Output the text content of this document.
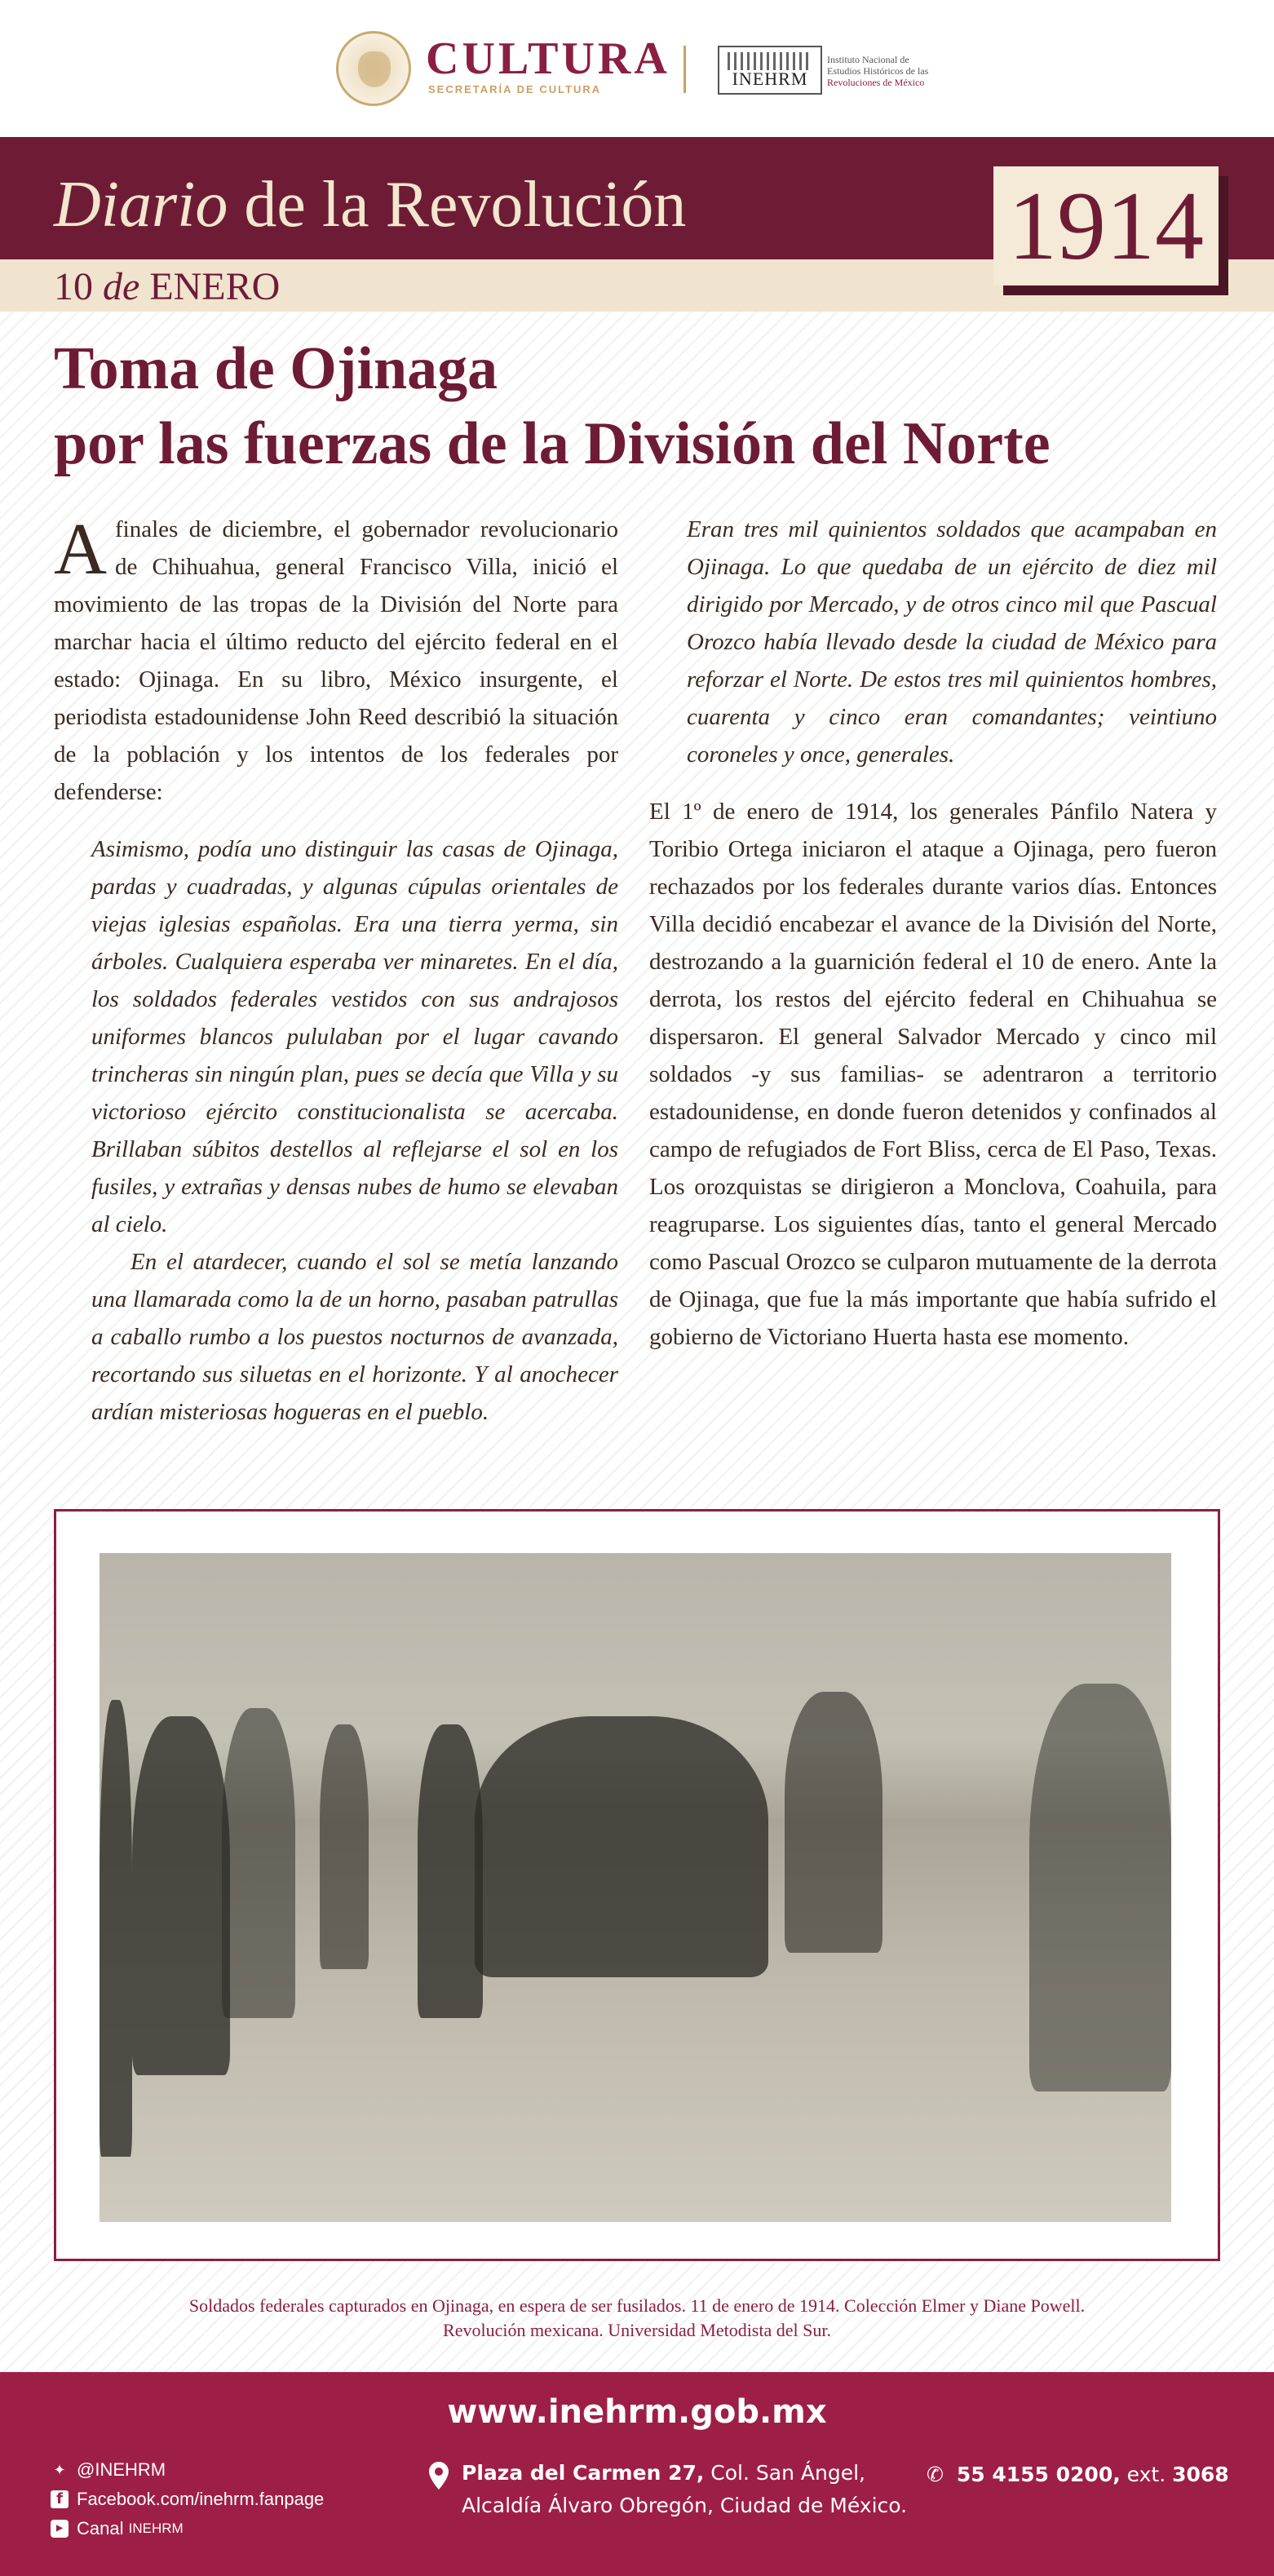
CULTURA
SECRETARÍA DE CULTURA
INEHRM
Instituto Nacional de
Estudios Históricos de las
Revoluciones de México
Diario de la Revolución
10 de ENERO
1914
Toma de Ojinaga
por las fuerzas de la División del Norte

Afinales de diciembre, el gobernador revolucionario de Chihuahua, general Francisco Villa, inició el movimiento de las tropas de la División del Norte para marchar hacia el último reducto del ejército federal en el estado: Ojinaga. En su libro, México insurgente, el periodista estadounidense John Reed describió la situación de la población y los intentos de los federales por defenderse:

Asimismo, podía uno distinguir las casas de Ojinaga, pardas y cuadradas, y algunas cúpulas orientales de viejas iglesias españolas. Era una tierra yerma, sin árboles. Cualquiera esperaba ver minaretes. En el día, los soldados federales vestidos con sus andrajosos uniformes blancos pululaban por el lugar cavando trincheras sin ningún plan, pues se decía que Villa y su victorioso ejército constitucionalista se acercaba. Brillaban súbitos destellos al reflejarse el sol en los fusiles, y extrañas y densas nubes de humo se elevaban al cielo.

En el atardecer, cuando el sol se metía lanzando una llamarada como la de un horno, pasaban patrullas a caballo rumbo a los puestos nocturnos de avanzada, recortando sus siluetas en el horizonte. Y al anochecer ardían misteriosas hogueras en el pueblo.

Eran tres mil quinientos soldados que acampaban en Ojinaga. Lo que quedaba de un ejército de diez mil dirigido por Mercado, y de otros cinco mil que Pascual Orozco había llevado desde la ciudad de México para reforzar el Norte. De estos tres mil quinientos hombres, cuarenta y cinco eran comandantes; veintiuno coroneles y once, generales.

El 1º de enero de 1914, los generales Pánfilo Natera y Toribio Ortega iniciaron el ataque a Ojinaga, pero fueron rechazados por los federales durante varios días. Entonces Villa decidió encabezar el avance de la División del Norte, destrozando a la guarnición federal el 10 de enero. Ante la derrota, los restos del ejército federal en Chihuahua se dispersaron. El general Salvador Mercado y cinco mil soldados -y sus familias- se adentraron a territorio estadounidense, en donde fueron detenidos y confinados al campo de refugiados de Fort Bliss, cerca de El Paso, Texas. Los orozquistas se dirigieron a Monclova, Coahuila, para reagruparse. Los siguientes días, tanto el general Mercado como Pascual Orozco se culparon mutuamente de la derrota de Ojinaga, que fue la más importante que había sufrido el gobierno de Victoriano Huerta hasta ese momento.

Soldados federales capturados en Ojinaga, en espera de ser fusilados. 11 de enero de 1914. Colección Elmer y Diane Powell.
Revolución mexicana. Universidad Metodista del Sur.
www.inehrm.gob.mx
✦ @INEHRM
f Facebook.com/inehrm.fanpage
▶ Canal
INEHRM
Plaza del Carmen 27, Col. San Ángel,
Alcaldía Álvaro Obregón, Ciudad de México.
✆ 55 4155 0200, ext. 3068
